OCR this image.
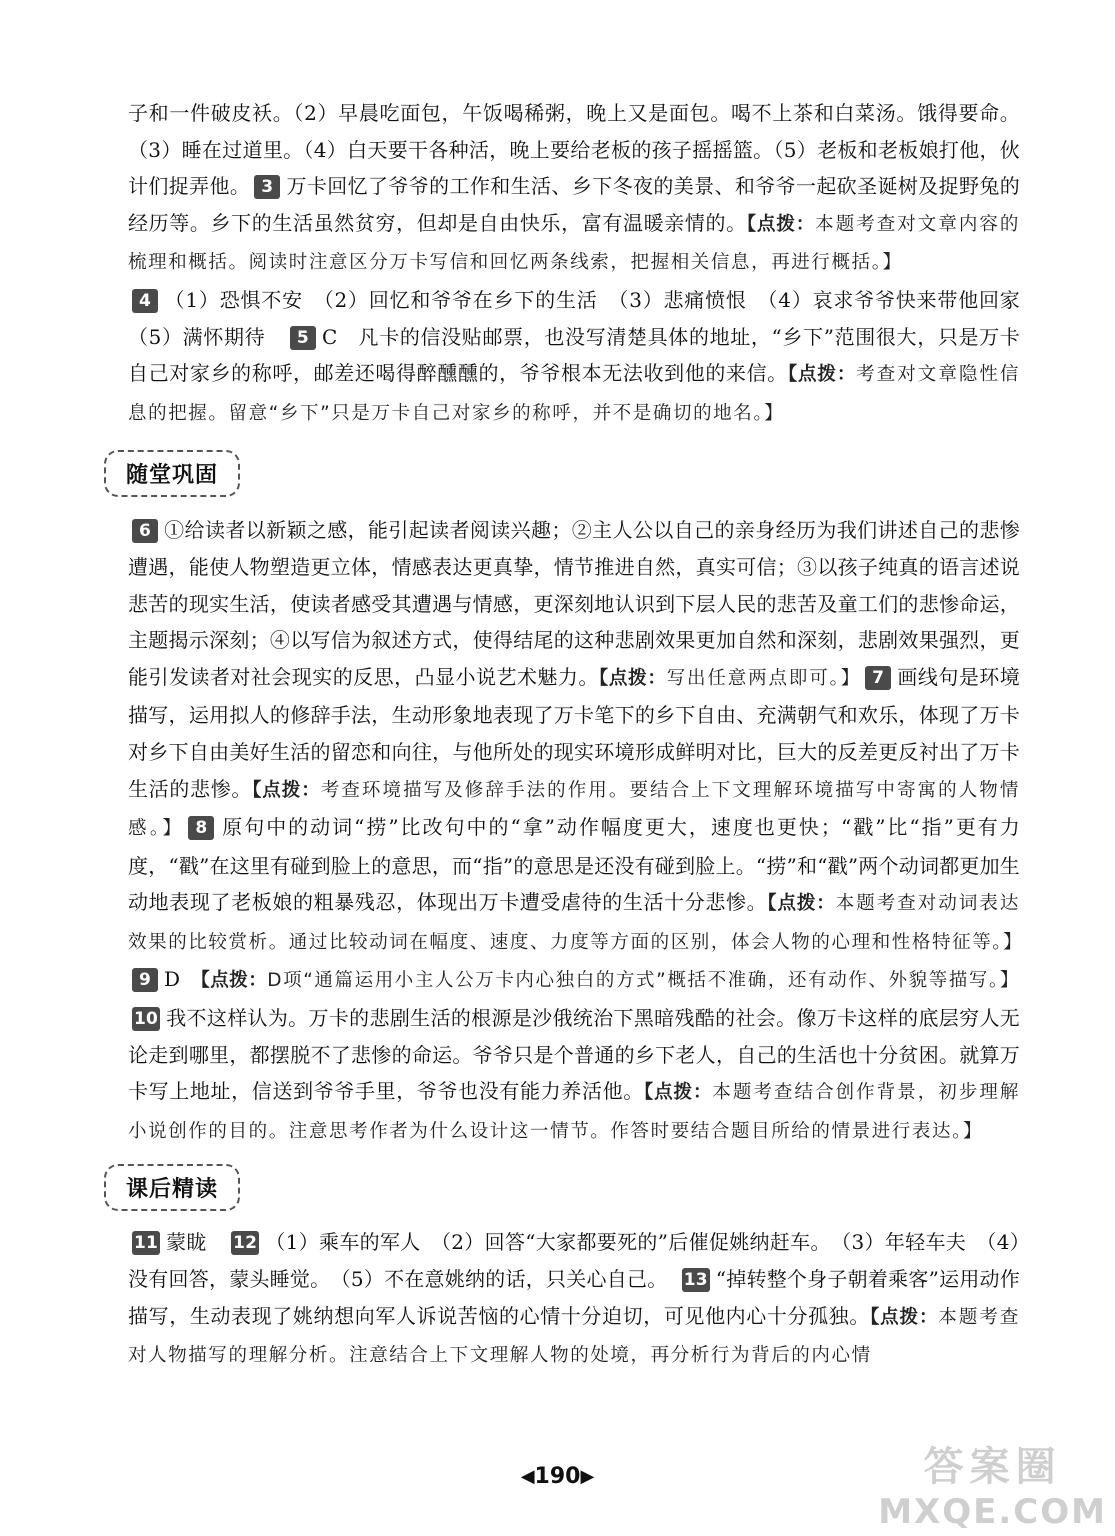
子和一件破皮袄。（2）早晨吃面包，午饭喝稀粥，晚上又是面包。喝不上茶和白菜汤。饿得要命。（3）睡在过道里。（4）白天要干各种活，晚上要给老板的孩子摇摇篮。（5）老板和老板娘打他，伙计们捉弄他。 3 万卡回忆了爷爷的工作和生活、乡下冬夜的美景、和爷爷一起砍圣诞树及捉野兔的经历等。乡下的生活虽然贫穷，但却是自由快乐，富有温暖亲情的。【点拨：本题考查对文章内容的梳理和概括。阅读时注意区分万卡写信和回忆两条线索，把握相关信息，再进行概括。】

4 （1）恐惧不安　（2）回忆和爷爷在乡下的生活　（3）悲痛愤恨　（4）哀求爷爷快来带他回家　（5）满怀期待　5 C　凡卡的信没贴邮票，也没写清楚具体的地址，“乡下”范围很大，只是万卡自己对家乡的称呼，邮差还喝得醉醺醺的，爷爷根本无法收到他的来信。【点拨：考查对文章隐性信息的把握。留意“乡下”只是万卡自己对家乡的称呼，并不是确切的地名。】

随堂巩固

6 ①给读者以新颖之感，能引起读者阅读兴趣；②主人公以自己的亲身经历为我们讲述自己的悲惨遭遇，能使人物塑造更立体，情感表达更真挚，情节推进自然，真实可信；③以孩子纯真的语言述说悲苦的现实生活，使读者感受其遭遇与情感，更深刻地认识到下层人民的悲苦及童工们的悲惨命运，主题揭示深刻；④以写信为叙述方式，使得结尾的这种悲剧效果更加自然和深刻，悲剧效果强烈，更能引发读者对社会现实的反思，凸显小说艺术魅力。【点拨：写出任意两点即可。】 7 画线句是环境描写，运用拟人的修辞手法，生动形象地表现了万卡笔下的乡下自由、充满朝气和欢乐，体现了万卡对乡下自由美好生活的留恋和向往，与他所处的现实环境形成鲜明对比，巨大的反差更反衬出了万卡生活的悲惨。【点拨：考查环境描写及修辞手法的作用。要结合上下文理解环境描写中寄寓的人物情感。】 8 原句中的动词“捞”比改句中的“拿”动作幅度更大，速度也更快；“戳”比“指”更有力度，“戳”在这里有碰到脸上的意思，而“指”的意思是还没有碰到脸上。“捞”和“戳”两个动词都更加生动地表现了老板娘的粗暴残忍，体现出万卡遭受虐待的生活十分悲惨。【点拨：本题考查对动词表达效果的比较赏析。通过比较动词在幅度、速度、力度等方面的区别，体会人物的心理和性格特征等。】

9 D　【点拨：D项“通篇运用小主人公万卡内心独白的方式”概括不准确，还有动作、外貌等描写。】10 我不这样认为。万卡的悲剧生活的根源是沙俄统治下黑暗残酷的社会。像万卡这样的底层穷人无论走到哪里，都摆脱不了悲惨的命运。爷爷只是个普通的乡下老人，自己的生活也十分贫困。就算万卡写上地址，信送到爷爷手里，爷爷也没有能力养活他。【点拨：本题考查结合创作背景，初步理解小说创作的目的。注意思考作者为什么设计这一情节。作答时要结合题目所给的情景进行表达。】

课后精读

11 蒙眬　12 （1）乘车的军人　（2）回答“大家都要死的”后催促姚纳赶车。　（3）年轻车夫　（4）没有回答，蒙头睡觉。　（5）不在意姚纳的话，只关心自己。　13 “掉转整个身子朝着乘客”运用动作描写，生动表现了姚纳想向军人诉说苦恼的心情十分迫切，可见他内心十分孤独。【点拨：本题考查对人物描写的理解分析。注意结合上下文理解人物的处境，再分析行为背后的内心情

◀190▶	答案圈
MXQE.COM
